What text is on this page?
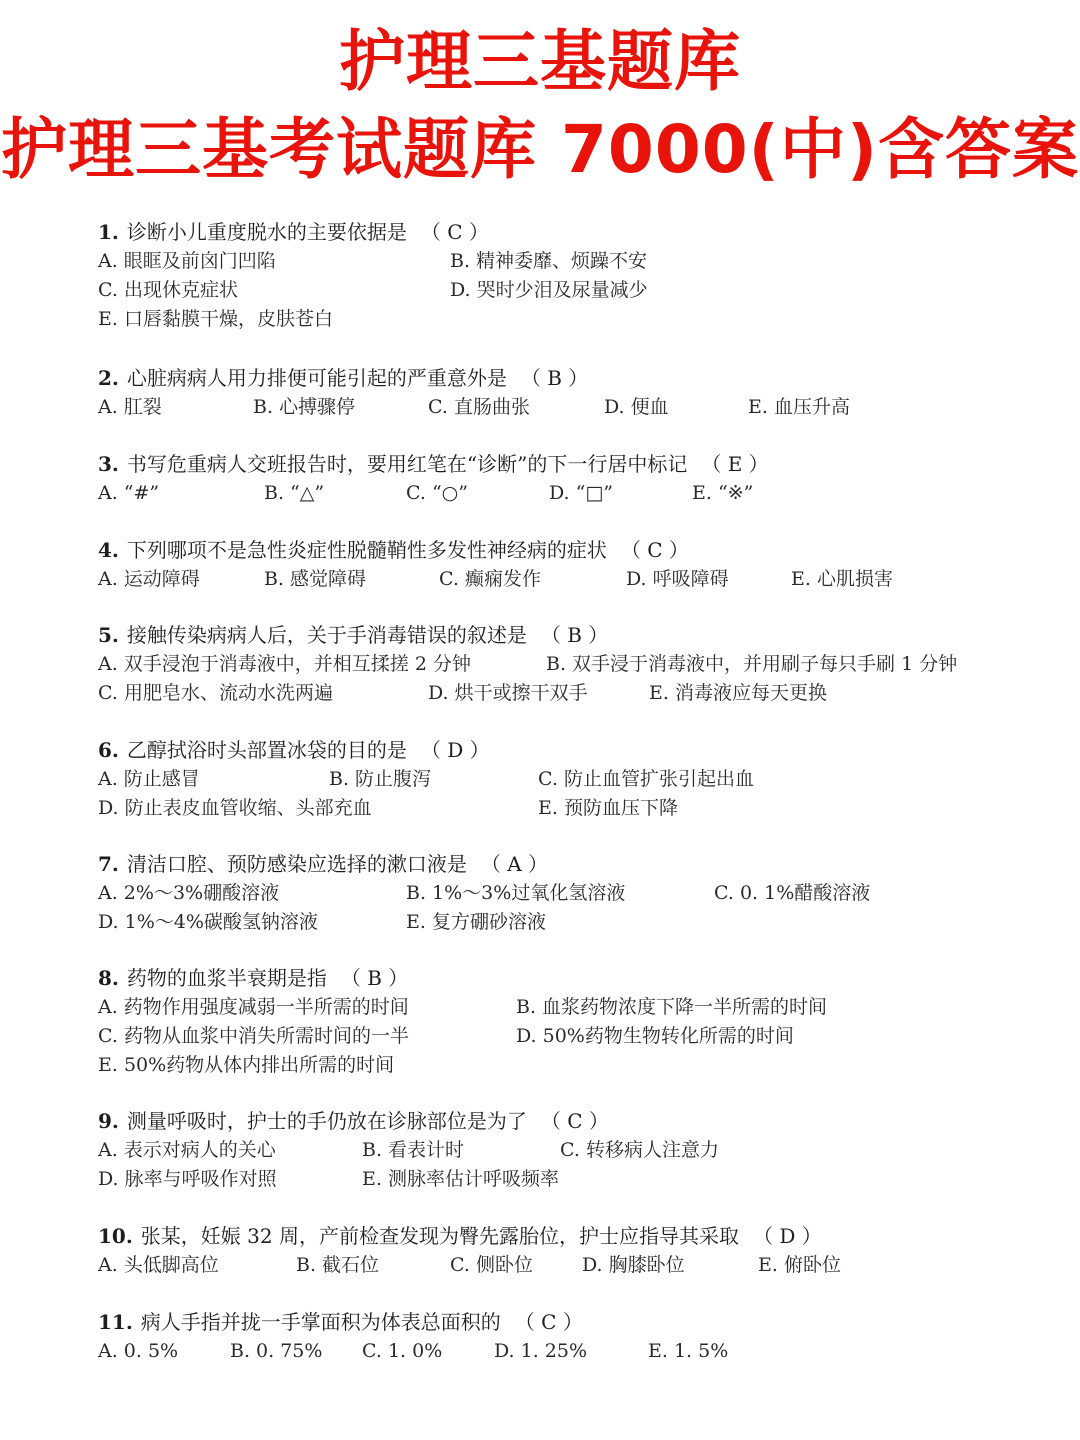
护理三基题库
护理三基考试题库 7000(中)含答案
1. 诊断小儿重度脱水的主要依据是 （ C ）
A. 眼眶及前囟门凹陷	B. 精神委靡、烦躁不安
C. 出现休克症状	D. 哭时少泪及尿量减少
E. 口唇黏膜干燥，皮肤苍白
2. 心脏病病人用力排便可能引起的严重意外是 （ B ）
A. 肛裂	B. 心搏骤停	C. 直肠曲张	D. 便血	E. 血压升高
3. 书写危重病人交班报告时，要用红笔在“诊断”的下一行居中标记 （ E ）
A. “#”	B. “△”	C. “○”	D. “□”	E. “※”
4. 下列哪项不是急性炎症性脱髓鞘性多发性神经病的症状 （ C ）
A. 运动障碍	B. 感觉障碍	C. 癫痫发作	D. 呼吸障碍	E. 心肌损害
5. 接触传染病病人后，关于手消毒错误的叙述是 （ B ）
A. 双手浸泡于消毒液中，并相互揉搓 2 分钟	B. 双手浸于消毒液中，并用刷子每只手刷 1 分钟
C. 用肥皂水、流动水洗两遍	D. 烘干或擦干双手	E. 消毒液应每天更换
6. 乙醇拭浴时头部置冰袋的目的是 （ D ）
A. 防止感冒	B. 防止腹泻	C. 防止血管扩张引起出血
D. 防止表皮血管收缩、头部充血	E. 预防血压下降
7. 清洁口腔、预防感染应选择的漱口液是 （ A ）
A. 2%～3%硼酸溶液	B. 1%～3%过氧化氢溶液	C. 0. 1%醋酸溶液
D. 1%～4%碳酸氢钠溶液	E. 复方硼砂溶液
8. 药物的血浆半衰期是指 （ B ）
A. 药物作用强度减弱一半所需的时间	B. 血浆药物浓度下降一半所需的时间
C. 药物从血浆中消失所需时间的一半	D. 50%药物生物转化所需的时间
E. 50%药物从体内排出所需的时间
9. 测量呼吸时，护士的手仍放在诊脉部位是为了 （ C ）
A. 表示对病人的关心	B. 看表计时	C. 转移病人注意力
D. 脉率与呼吸作对照	E. 测脉率估计呼吸频率
10. 张某，妊娠 32 周，产前检查发现为臀先露胎位，护士应指导其采取 （ D ）
A. 头低脚高位	B. 截石位	C. 侧卧位	D. 胸膝卧位	E. 俯卧位
11. 病人手指并拢一手掌面积为体表总面积的 （ C ）
A. 0. 5%	B. 0. 75% C. 1. 0%	D. 1. 25%	E. 1. 5%
